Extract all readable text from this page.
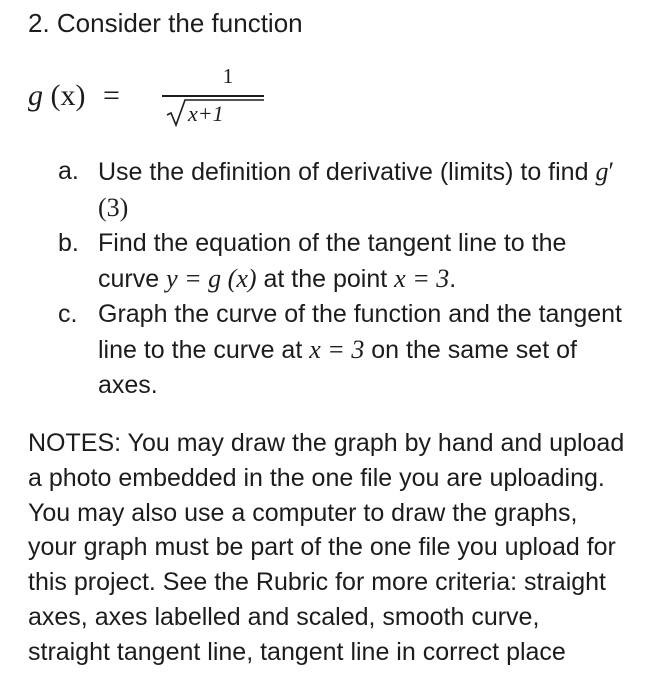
2. Consider the function
g (x) =
1
x+1
a. Use the definition of derivative (limits) to find g′ (3)
b. Find the equation of the tangent line to the curve y = g (x) at the point x = 3.
c. Graph the curve of the function and the tangent line to the curve at x = 3 on the same set of axes.
NOTES: You may draw the graph by hand and upload a photo embedded in the one file you are uploading. You may also use a computer to draw the graphs, your graph must be part of the one file you upload for this project. See the Rubric for more criteria: straight axes, axes labelled and scaled, smooth curve, straight tangent line, tangent line in correct place
